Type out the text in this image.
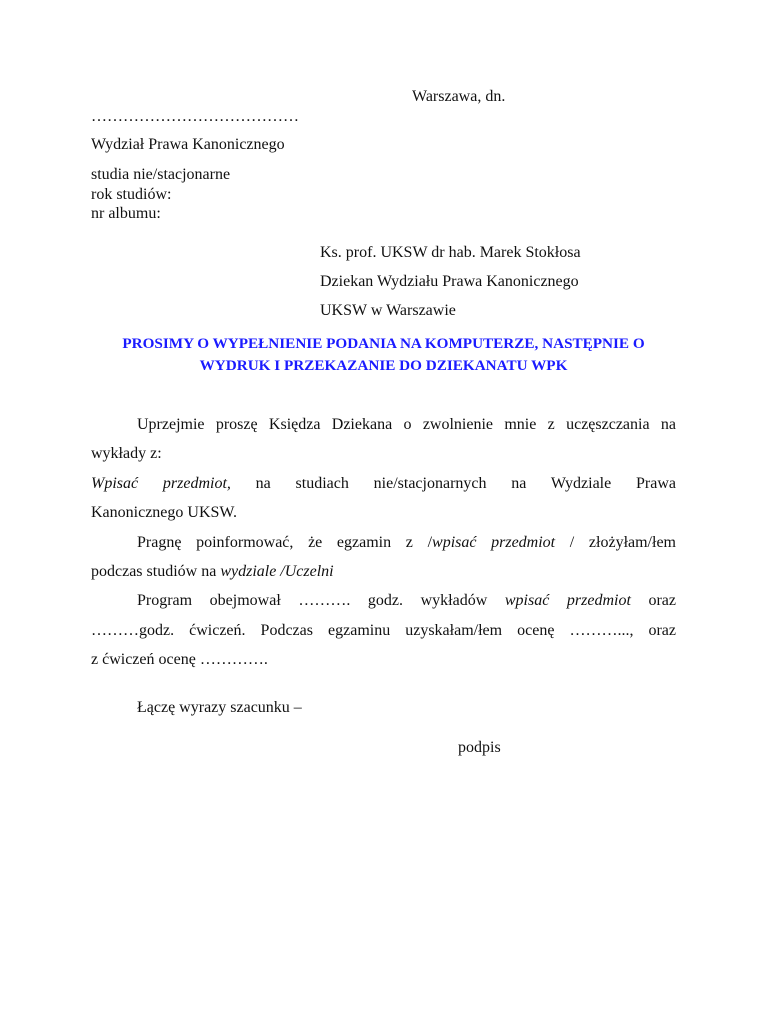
Warszawa, dn.
…………………………………
Wydział Prawa Kanonicznego
studia nie/stacjonarne
rok studiów:
nr albumu:
Ks. prof. UKSW dr hab. Marek Stokłosa
Dziekan Wydziału Prawa Kanonicznego
UKSW w Warszawie
PROSIMY O WYPEŁNIENIE PODANIA NA KOMPUTERZE, NASTĘPNIE O WYDRUK I PRZEKAZANIE DO DZIEKANATU WPK
Uprzejmie proszę Księdza Dziekana o zwolnienie mnie z uczęszczania na
wykłady z:
Wpisać przedmiot, na studiach nie/stacjonarnych na Wydziale Prawa
Kanonicznego UKSW.
Pragnę poinformować, że egzamin z /wpisać przedmiot / złożyłam/łem
podczas studiów na wydziale /Uczelni
Program obejmował ………. godz. wykładów wpisać przedmiot oraz
………godz. ćwiczeń. Podczas egzaminu uzyskałam/łem ocenę ………..., oraz
z ćwiczeń ocenę ………….
Łączę wyrazy szacunku –
podpis
